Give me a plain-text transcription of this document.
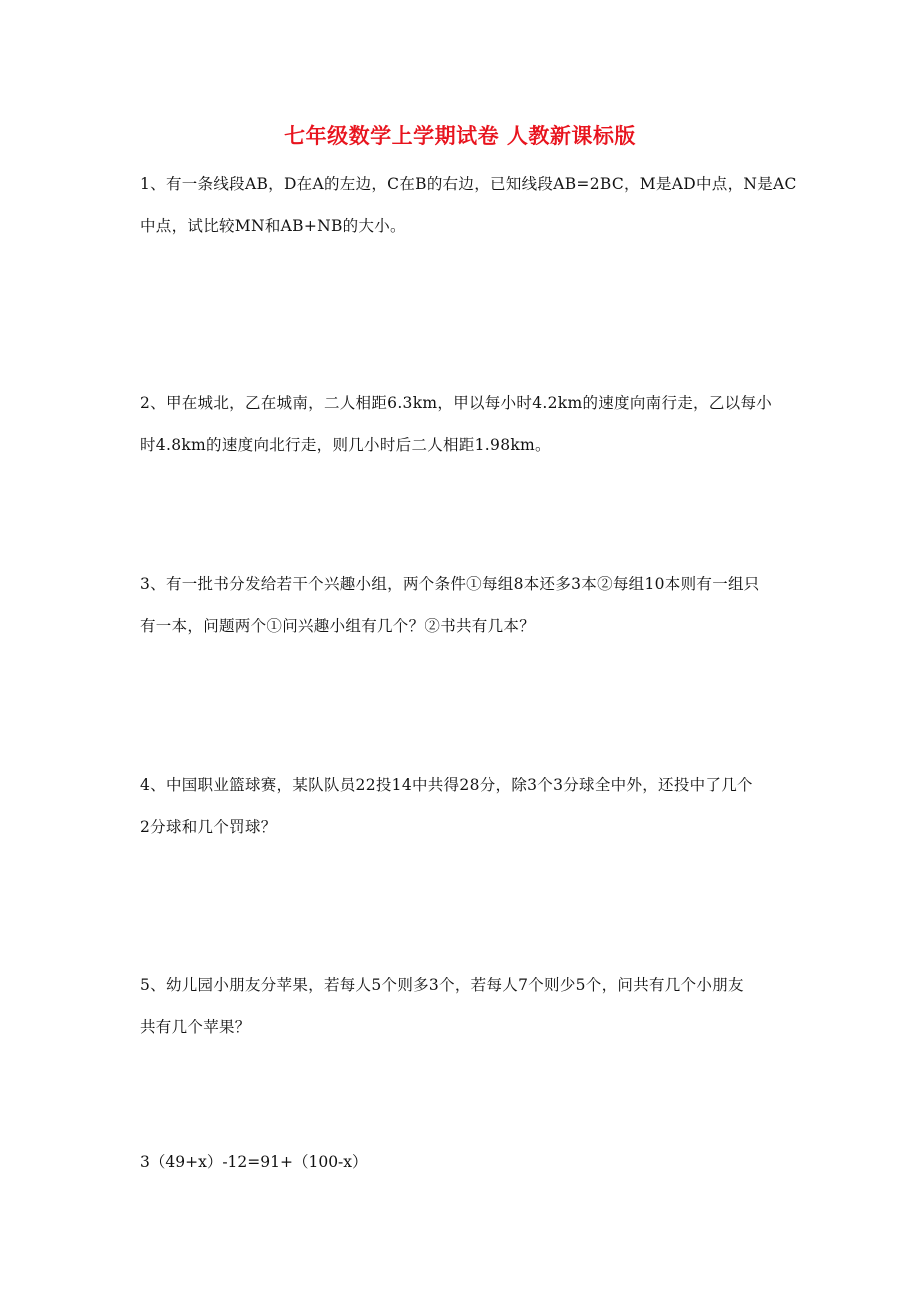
七年级数学上学期试卷 人教新课标版
1、有一条线段AB，D在A的左边，C在B的右边，已知线段AB=2BC，M是AD中点，N是AC
中点，试比较MN和AB+NB的大小。
2、甲在城北，乙在城南，二人相距6.3km，甲以每小时4.2km的速度向南行走，乙以每小
时4.8km的速度向北行走，则几小时后二人相距1.98km。
3、有一批书分发给若干个兴趣小组，两个条件①每组8本还多3本②每组10本则有一组只
有一本，问题两个①问兴趣小组有几个？②书共有几本？
4、中国职业篮球赛，某队队员22投14中共得28分，除3个3分球全中外，还投中了几个
2分球和几个罚球？
5、幼儿园小朋友分苹果，若每人5个则多3个，若每人7个则少5个，问共有几个小朋友
共有几个苹果？
3（49+x）-12=91+（100-x）
